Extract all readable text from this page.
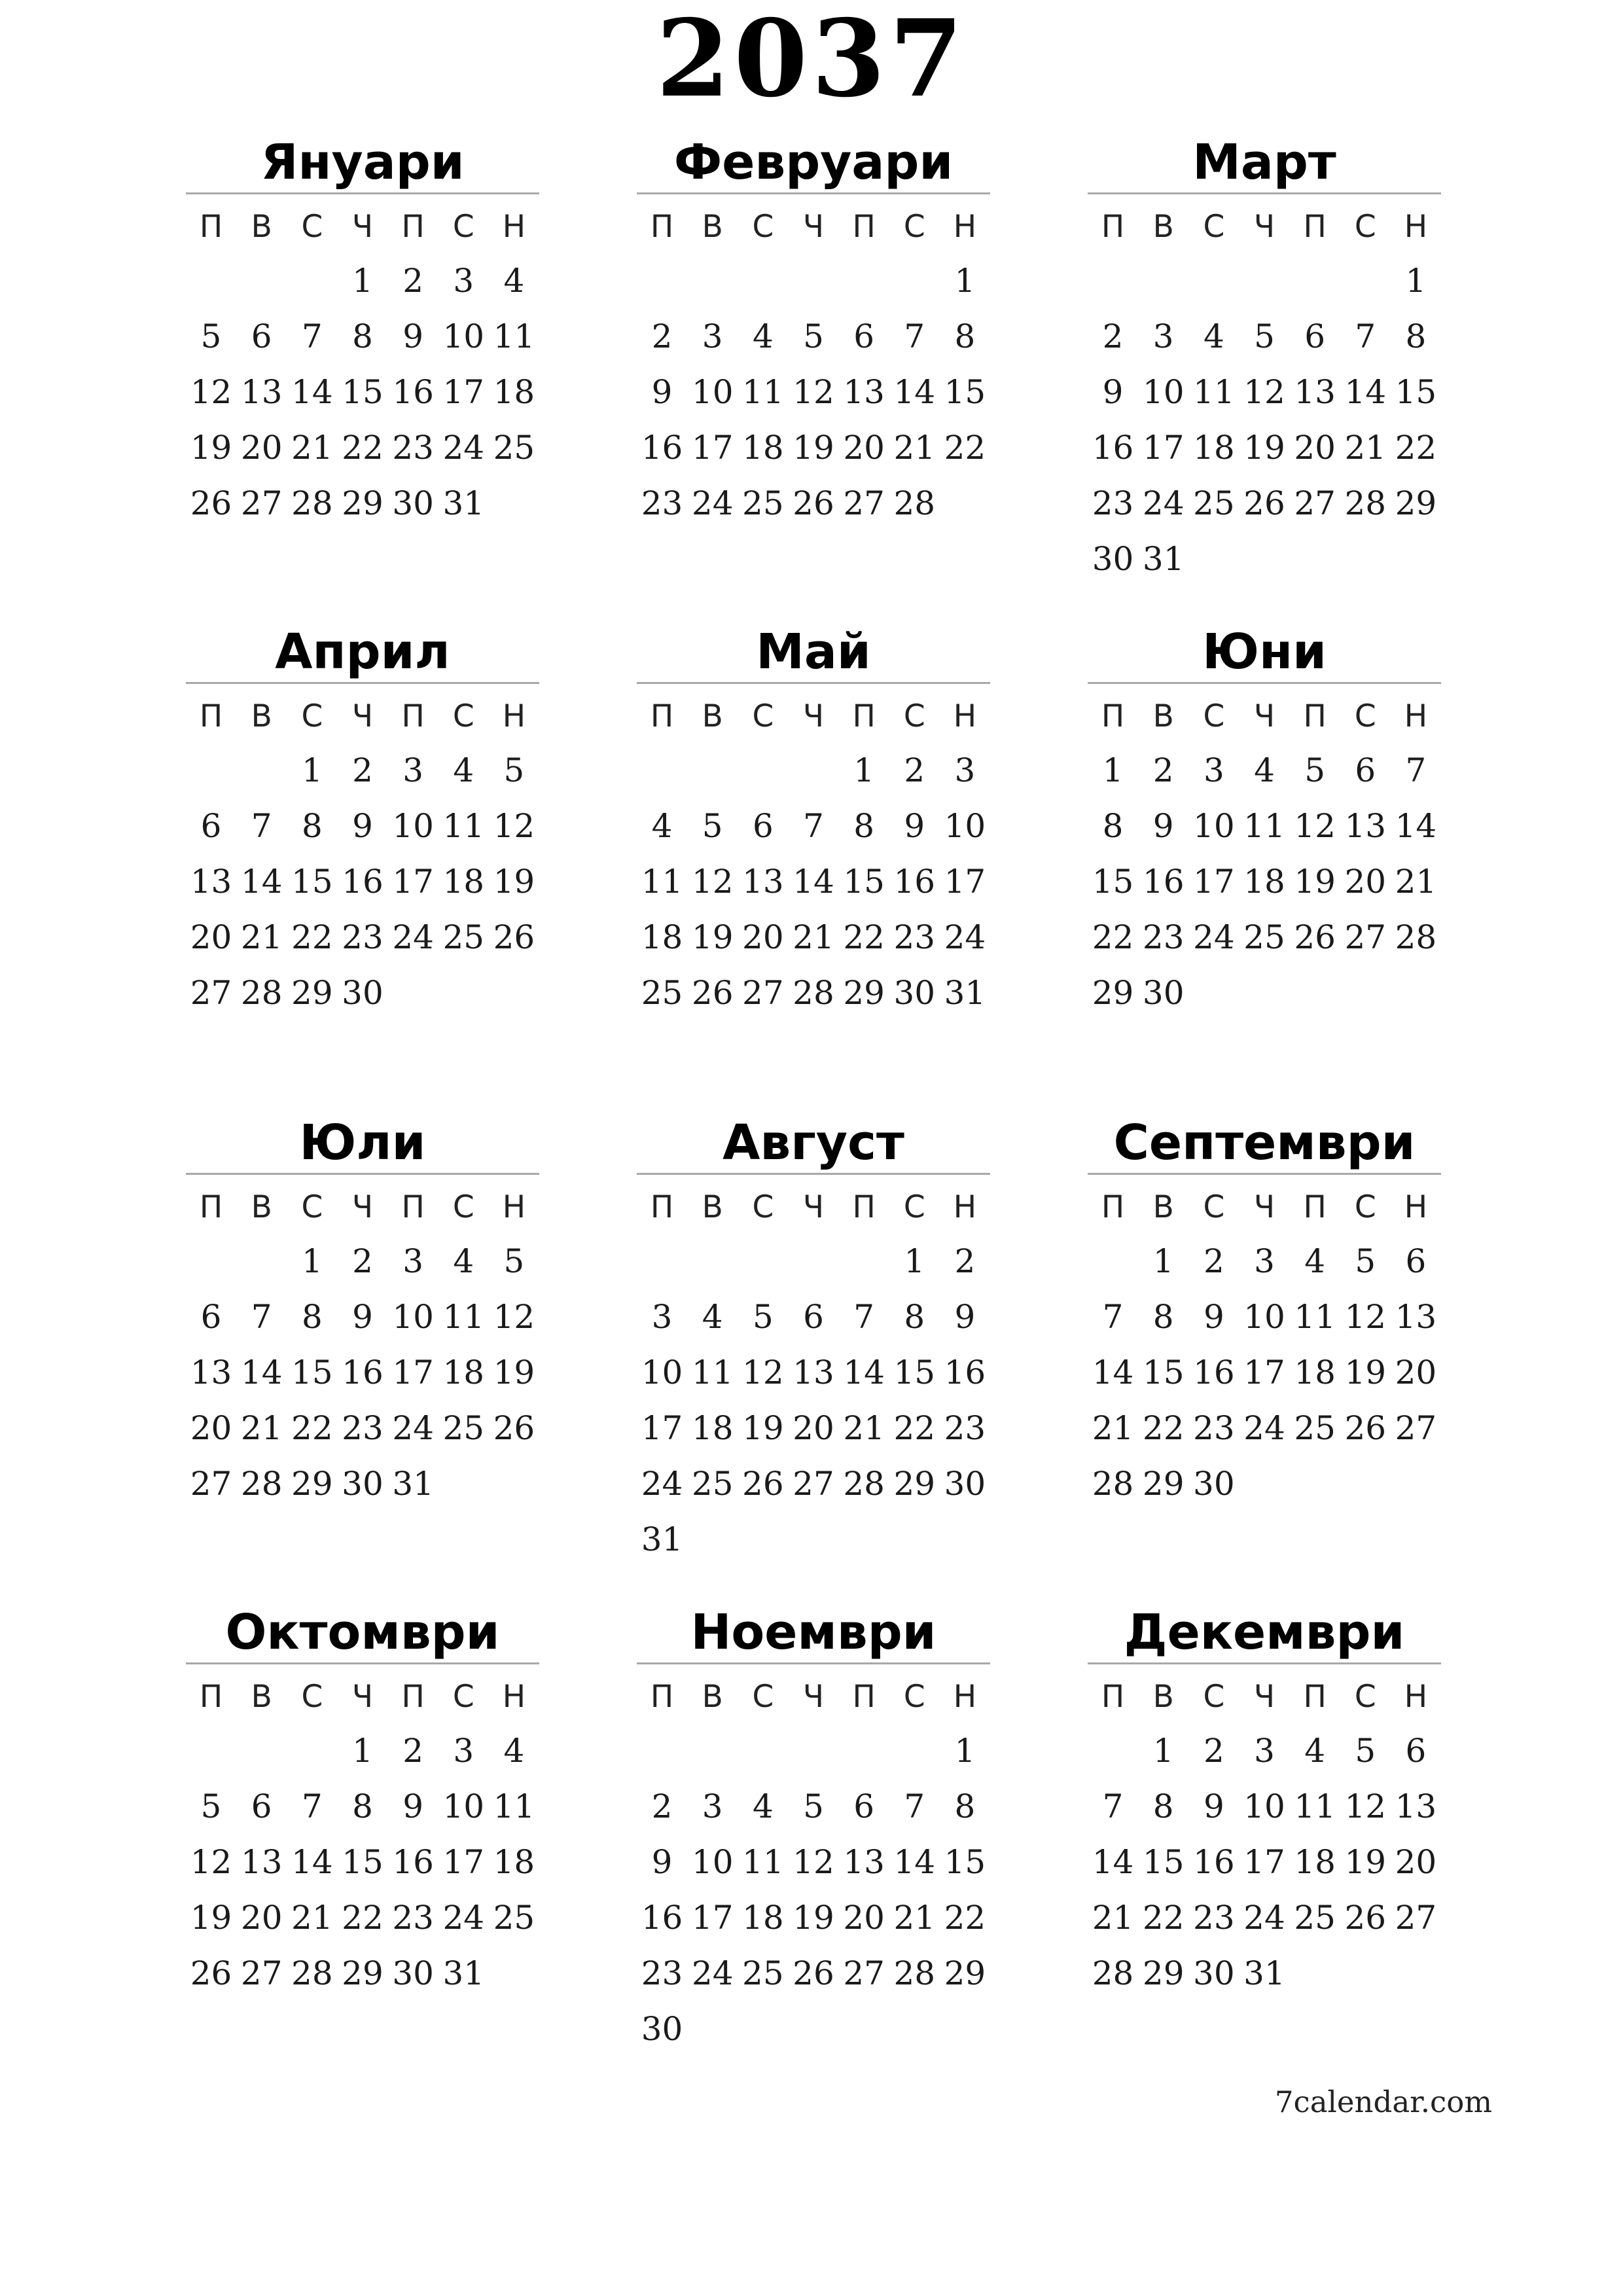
2037
Януари
П В С Ч П С Н
1 2 3 4
5 6 7 8 9 10 11
12 13 14 15 16 17 18
19 20 21 22 23 24 25
26 27 28 29 30 31
Февруари
П В С Ч П С Н
1
2 3 4 5 6 7 8
9 10 11 12 13 14 15
16 17 18 19 20 21 22
23 24 25 26 27 28
Март
П В С Ч П С Н
1
2 3 4 5 6 7 8
9 10 11 12 13 14 15
16 17 18 19 20 21 22
23 24 25 26 27 28 29
30 31
Април
П В С Ч П С Н
1 2 3 4 5
6 7 8 9 10 11 12
13 14 15 16 17 18 19
20 21 22 23 24 25 26
27 28 29 30
Май
П В С Ч П С Н
1 2 3
4 5 6 7 8 9 10
11 12 13 14 15 16 17
18 19 20 21 22 23 24
25 26 27 28 29 30 31
Юни
П В С Ч П С Н
1 2 3 4 5 6 7
8 9 10 11 12 13 14
15 16 17 18 19 20 21
22 23 24 25 26 27 28
29 30
Юли
П В С Ч П С Н
1 2 3 4 5
6 7 8 9 10 11 12
13 14 15 16 17 18 19
20 21 22 23 24 25 26
27 28 29 30 31
Август
П В С Ч П С Н
1 2
3 4 5 6 7 8 9
10 11 12 13 14 15 16
17 18 19 20 21 22 23
24 25 26 27 28 29 30
31
Септември
П В С Ч П С Н
1 2 3 4 5 6
7 8 9 10 11 12 13
14 15 16 17 18 19 20
21 22 23 24 25 26 27
28 29 30
Октомври
П В С Ч П С Н
1 2 3 4
5 6 7 8 9 10 11
12 13 14 15 16 17 18
19 20 21 22 23 24 25
26 27 28 29 30 31
Ноември
П В С Ч П С Н
1
2 3 4 5 6 7 8
9 10 11 12 13 14 15
16 17 18 19 20 21 22
23 24 25 26 27 28 29
30
Декември
П В С Ч П С Н
1 2 3 4 5 6
7 8 9 10 11 12 13
14 15 16 17 18 19 20
21 22 23 24 25 26 27
28 29 30 31
7calendar.com
